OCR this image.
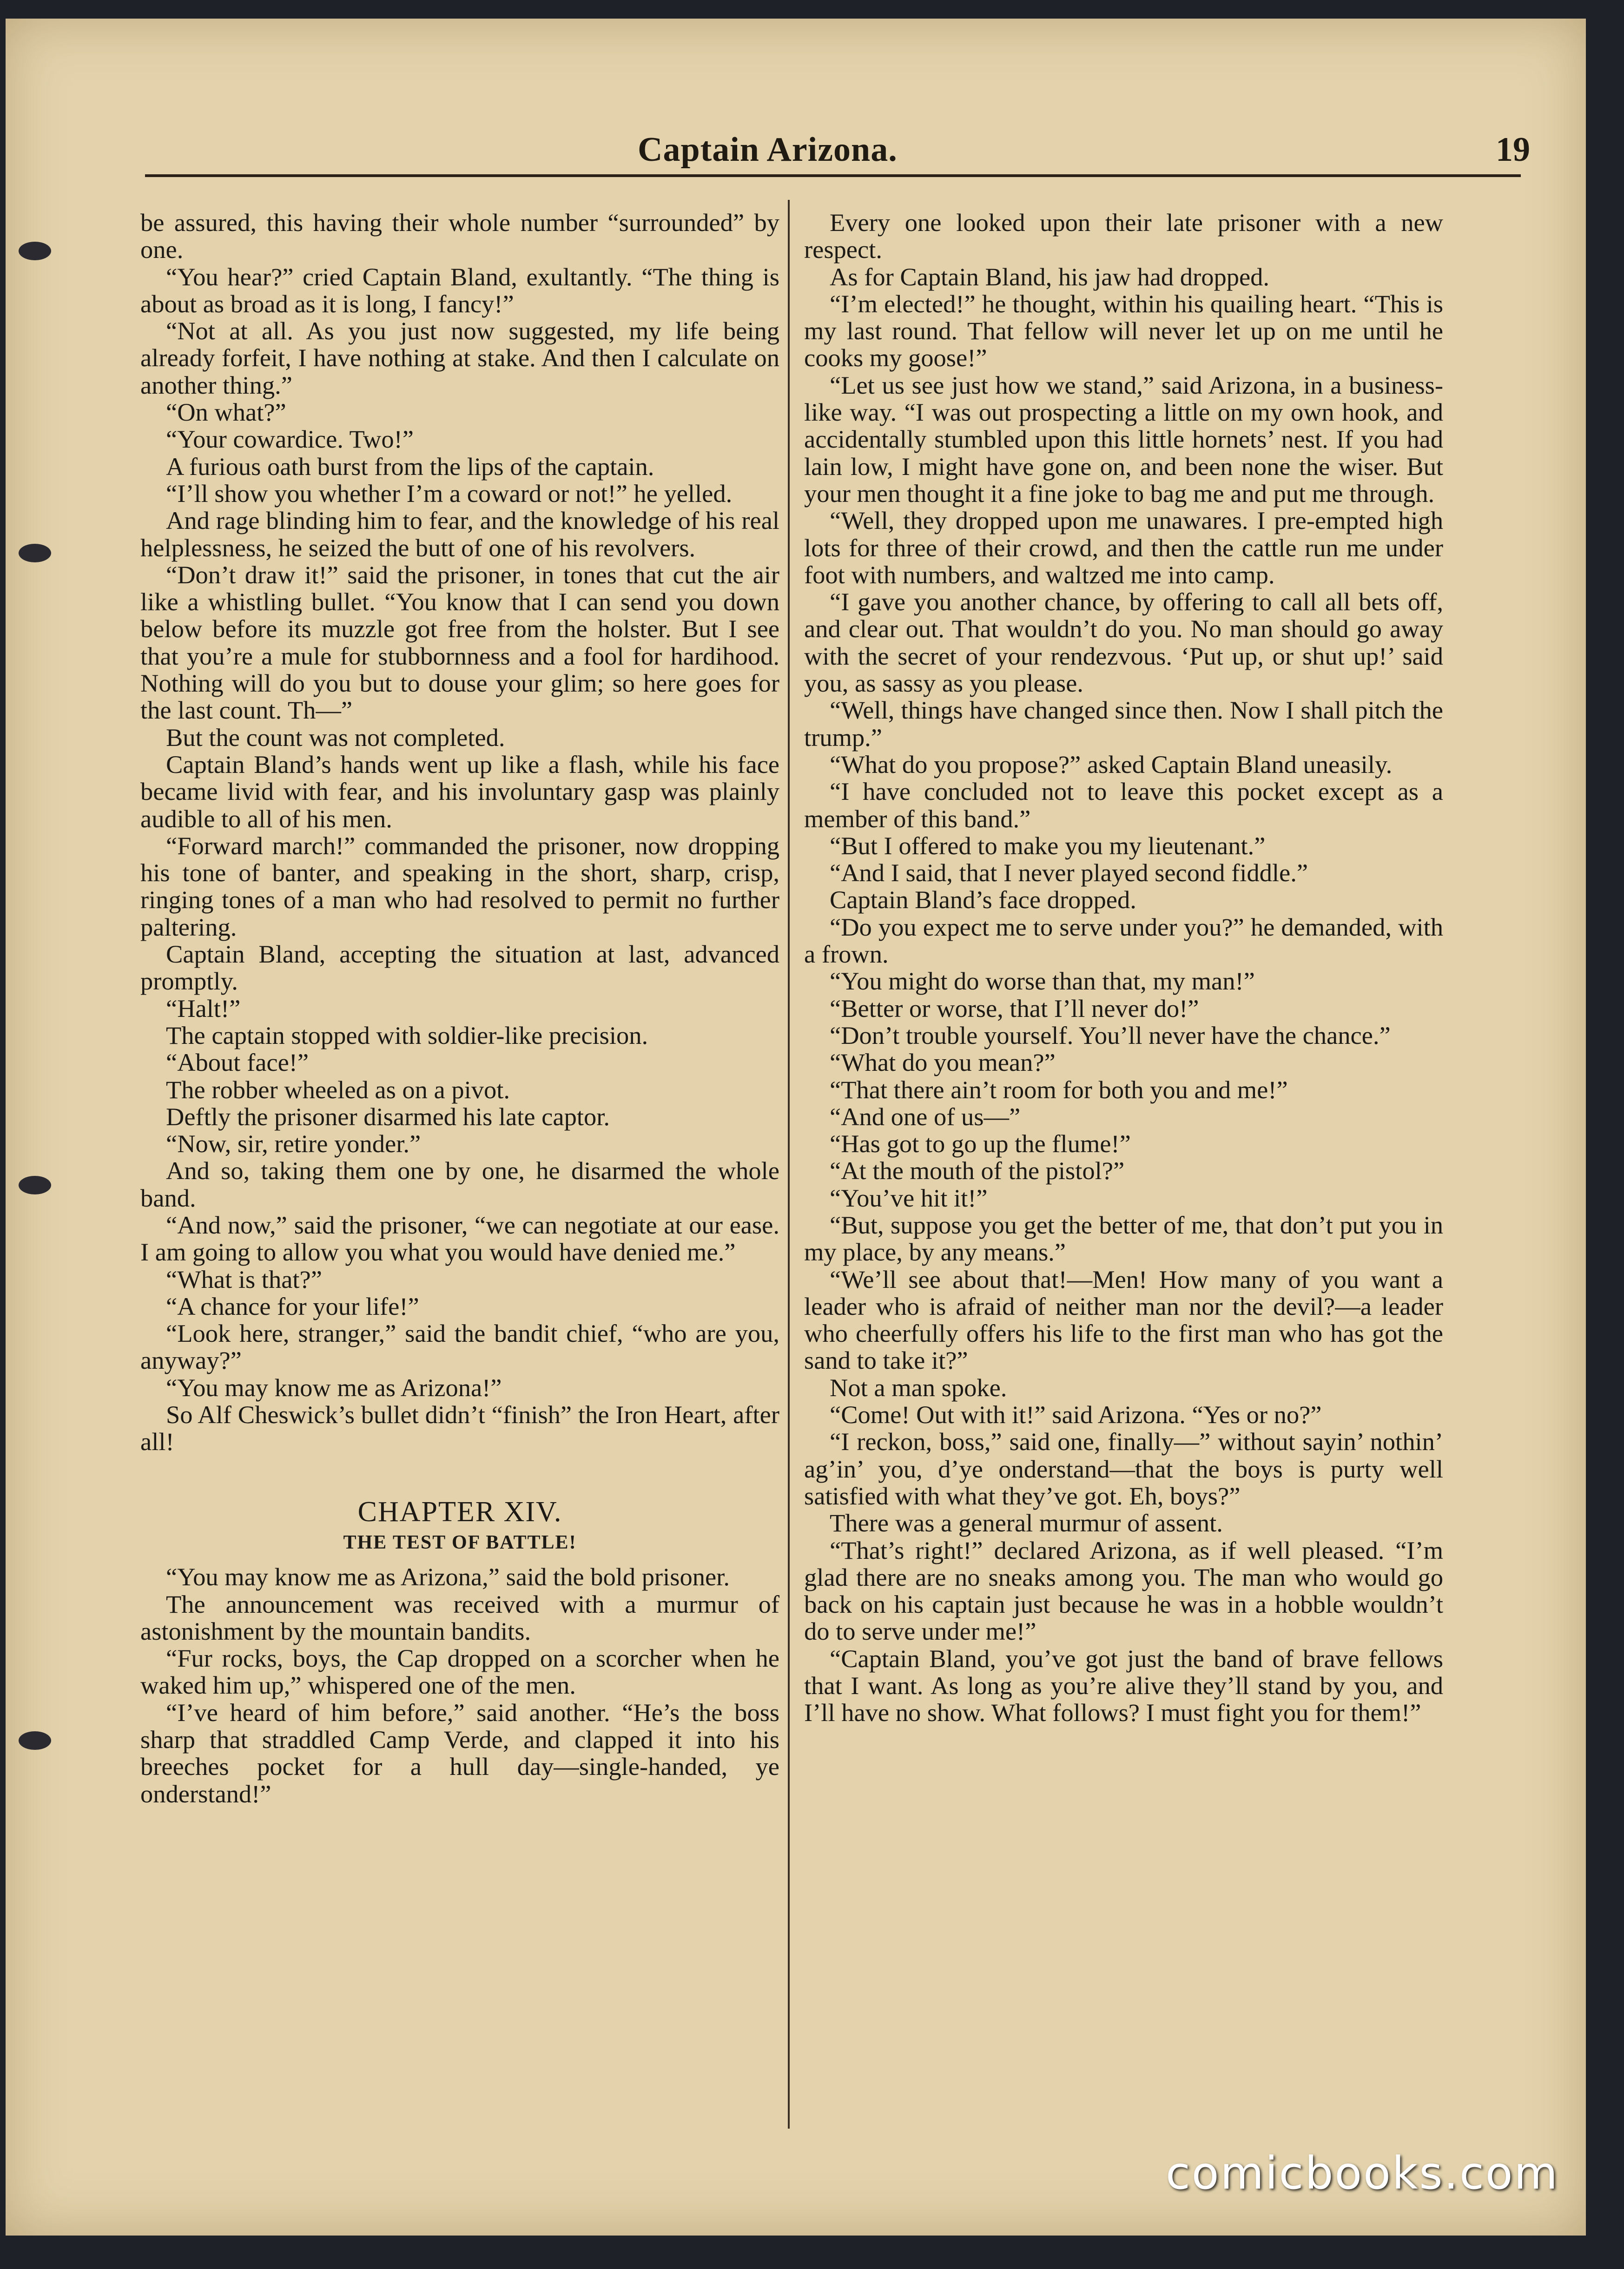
Captain Arizona.	19

be assured, this having their whole number “surrounded” by one.

“You hear?” cried Captain Bland, exultantly. “The thing is about as broad as it is long, I fancy!”

“Not at all. As you just now suggested, my life being already forfeit, I have nothing at stake. And then I calculate on another thing.”

“On what?”

“Your cowardice. Two!”

A furious oath burst from the lips of the captain.

“I’ll show you whether I’m a coward or not!” he yelled.

And rage blinding him to fear, and the knowledge of his real helplessness, he seized the butt of one of his revolvers.

“Don’t draw it!” said the prisoner, in tones that cut the air like a whistling bullet. “You know that I can send you down below before its muzzle got free from the holster. But I see that you’re a mule for stubbornness and a fool for hardihood. Nothing will do you but to douse your glim; so here goes for the last count. Th—”

But the count was not completed.

Captain Bland’s hands went up like a flash, while his face became livid with fear, and his involuntary gasp was plainly audible to all of his men.

“Forward march!” commanded the prisoner, now dropping his tone of banter, and speaking in the short, sharp, crisp, ringing tones of a man who had resolved to permit no further paltering.

Captain Bland, accepting the situation at last, advanced promptly.

“Halt!”

The captain stopped with soldier-like precision.

“About face!”

The robber wheeled as on a pivot.

Deftly the prisoner disarmed his late captor.

“Now, sir, retire yonder.”

And so, taking them one by one, he disarmed the whole band.

“And now,” said the prisoner, “we can negotiate at our ease. I am going to allow you what you would have denied me.”

“What is that?”

“A chance for your life!”

“Look here, stranger,” said the bandit chief, “who are you, anyway?”

“You may know me as Arizona!”

So Alf Cheswick’s bullet didn’t “finish” the Iron Heart, after all!

CHAPTER XIV.
THE TEST OF BATTLE!

“You may know me as Arizona,” said the bold prisoner.

The announcement was received with a murmur of astonishment by the mountain bandits.

“Fur rocks, boys, the Cap dropped on a scorcher when he waked him up,” whispered one of the men.

“I’ve heard of him before,” said another. “He’s the boss sharp that straddled Camp Verde, and clapped it into his breeches pocket for a hull day—single-handed, ye onderstand!”

Every one looked upon their late prisoner with a new respect.

As for Captain Bland, his jaw had dropped.

“I’m elected!” he thought, within his quailing heart. “This is my last round. That fellow will never let up on me until he cooks my goose!”

“Let us see just how we stand,” said Arizona, in a business-like way. “I was out prospecting a little on my own hook, and accidentally stumbled upon this little hornets’ nest. If you had lain low, I might have gone on, and been none the wiser. But your men thought it a fine joke to bag me and put me through.

“Well, they dropped upon me unawares. I pre-empted high lots for three of their crowd, and then the cattle run me under foot with numbers, and waltzed me into camp.

“I gave you another chance, by offering to call all bets off, and clear out. That wouldn’t do you. No man should go away with the secret of your rendezvous. ‘Put up, or shut up!’ said you, as sassy as you please.

“Well, things have changed since then. Now I shall pitch the trump.”

“What do you propose?” asked Captain Bland uneasily.

“I have concluded not to leave this pocket except as a member of this band.”

“But I offered to make you my lieutenant.”

“And I said, that I never played second fiddle.”

Captain Bland’s face dropped.

“Do you expect me to serve under you?” he demanded, with a frown.

“You might do worse than that, my man!”

“Better or worse, that I’ll never do!”

“Don’t trouble yourself. You’ll never have the chance.”

“What do you mean?”

“That there ain’t room for both you and me!”

“And one of us—”

“Has got to go up the flume!”

“At the mouth of the pistol?”

“You’ve hit it!”

“But, suppose you get the better of me, that don’t put you in my place, by any means.”

“We’ll see about that!—Men! How many of you want a leader who is afraid of neither man nor the devil?—a leader who cheerfully offers his life to the first man who has got the sand to take it?”

Not a man spoke.

“Come! Out with it!” said Arizona. “Yes or no?”

“I reckon, boss,” said one, finally—” without sayin’ nothin’ ag’in’ you, d’ye onderstand—that the boys is purty well satisfied with what they’ve got. Eh, boys?”

There was a general murmur of assent.

“That’s right!” declared Arizona, as if well pleased. “I’m glad there are no sneaks among you. The man who would go back on his captain just because he was in a hobble wouldn’t do to serve under me!”

“Captain Bland, you’ve got just the band of brave fellows that I want. As long as you’re alive they’ll stand by you, and I’ll have no show. What follows? I must fight you for them!”

comicbooks.com
